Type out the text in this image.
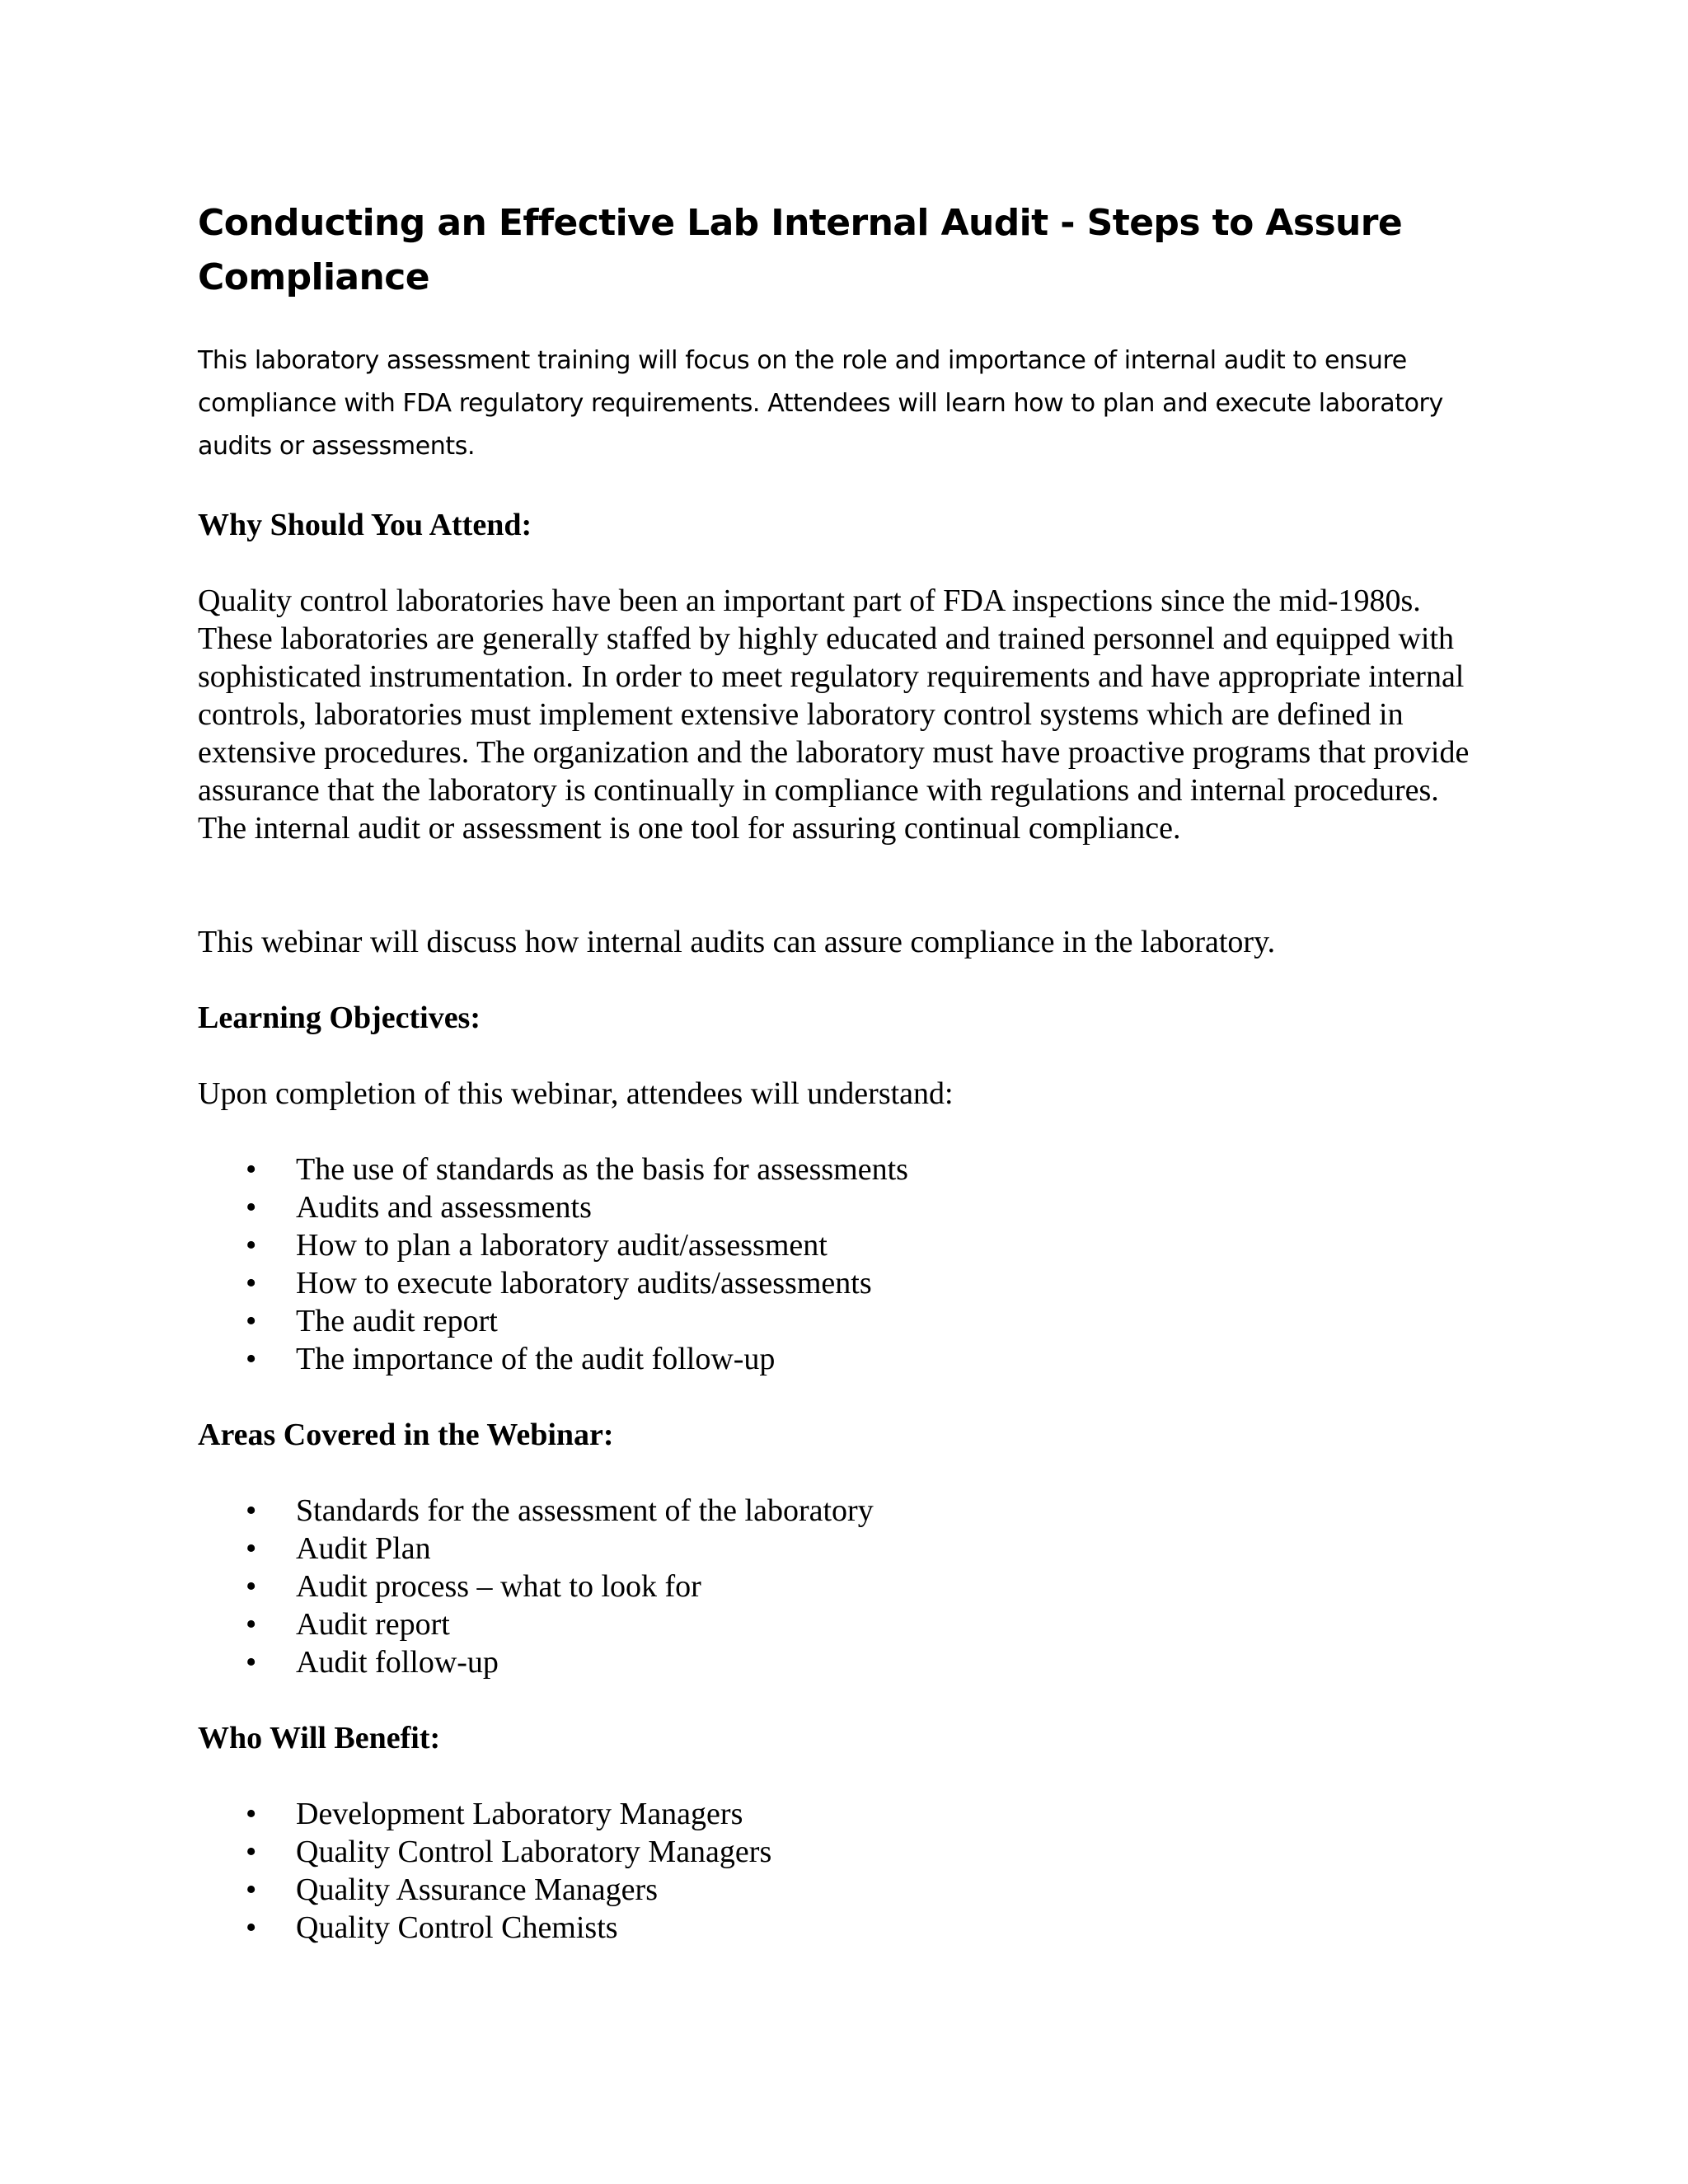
Conducting an Effective Lab Internal Audit - Steps to Assure Compliance

This laboratory assessment training will focus on the role and importance of internal audit to ensure compliance with FDA regulatory requirements. Attendees will learn how to plan and execute laboratory audits or assessments.

Why Should You Attend:

Quality control laboratories have been an important part of FDA inspections since the mid-1980s. These laboratories are generally staffed by highly educated and trained personnel and equipped with sophisticated instrumentation. In order to meet regulatory requirements and have appropriate internal controls, laboratories must implement extensive laboratory control systems which are defined in extensive procedures. The organization and the laboratory must have proactive programs that provide assurance that the laboratory is continually in compliance with regulations and internal procedures. The internal audit or assessment is one tool for assuring continual compliance.

This webinar will discuss how internal audits can assure compliance in the laboratory.

Learning Objectives:

Upon completion of this webinar, attendees will understand:

• The use of standards as the basis for assessments
• Audits and assessments
• How to plan a laboratory audit/assessment
• How to execute laboratory audits/assessments
• The audit report
• The importance of the audit follow-up
Areas Covered in the Webinar:
• Standards for the assessment of the laboratory
• Audit Plan
• Audit process – what to look for
• Audit report
• Audit follow-up
Who Will Benefit:
• Development Laboratory Managers
• Quality Control Laboratory Managers
• Quality Assurance Managers
• Quality Control Chemists
